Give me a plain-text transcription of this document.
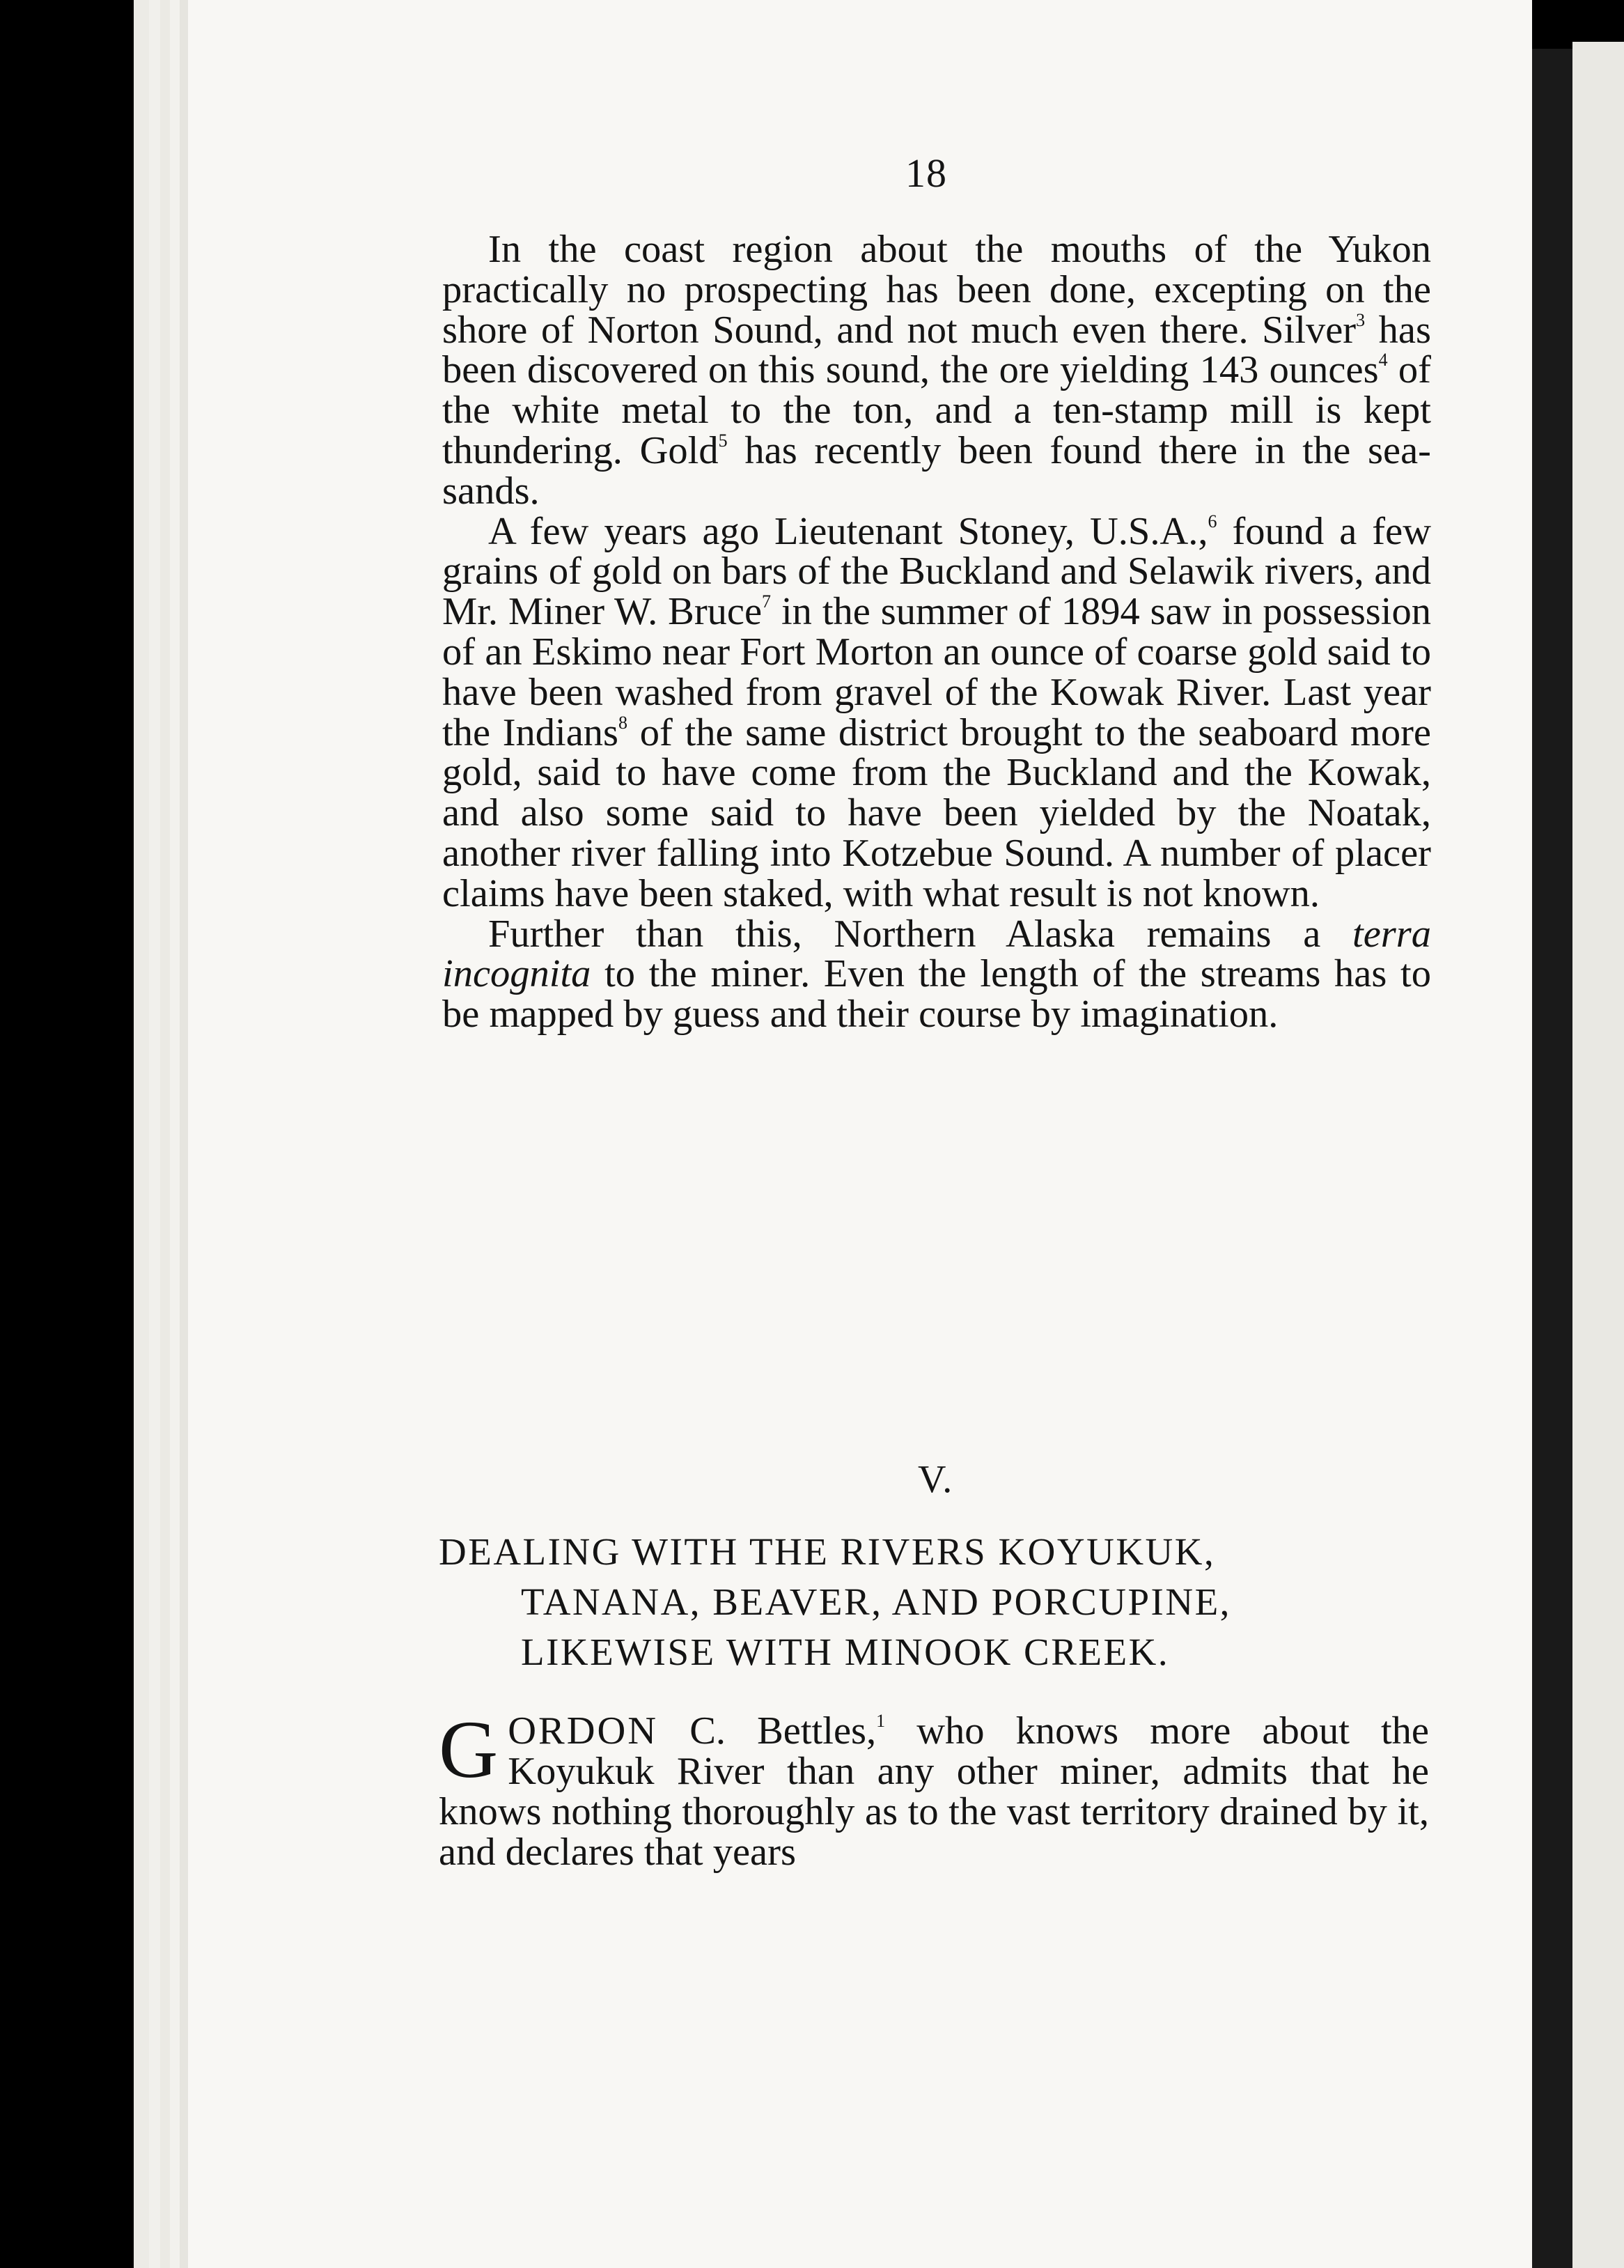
18

In the coast region about the mouths of the Yukon practically no prospecting has been done, excepting on the shore of Norton Sound, and not much even there. Silver$^3$ has been discovered on this sound, the ore yielding 143 ounces$^4$ of the white metal to the ton, and a ten-stamp mill is kept thundering. Gold$^5$ has recently been found there in the sea-sands.

A few years ago Lieutenant Stoney, U.S.A.,$^6$ found a few grains of gold on bars of the Buckland and Selawik rivers, and Mr. Miner W. Bruce$^7$ in the summer of 1894 saw in possession of an Eskimo near Fort Morton an ounce of coarse gold said to have been washed from gravel of the Kowak River. Last year the Indians$^8$ of the same district brought to the seaboard more gold, said to have come from the Buckland and the Kowak, and also some said to have been yielded by the Noatak, another river falling into Kotzebue Sound. A number of placer claims have been staked, with what result is not known.

Further than this, Northern Alaska remains a terra incognita to the miner. Even the length of the streams has to be mapped by guess and their course by imagination.

V.
DEALING WITH THE RIVERS KOYUKUK,
TANANA, BEAVER, AND PORCUPINE,
LIKEWISE WITH MINOOK CREEK.
G ORDON C. Bettles,$^1$ who knows more about the Koyukuk River than any other miner, admits that he knows nothing thoroughly as to the vast territory drained by it, and declares that years
